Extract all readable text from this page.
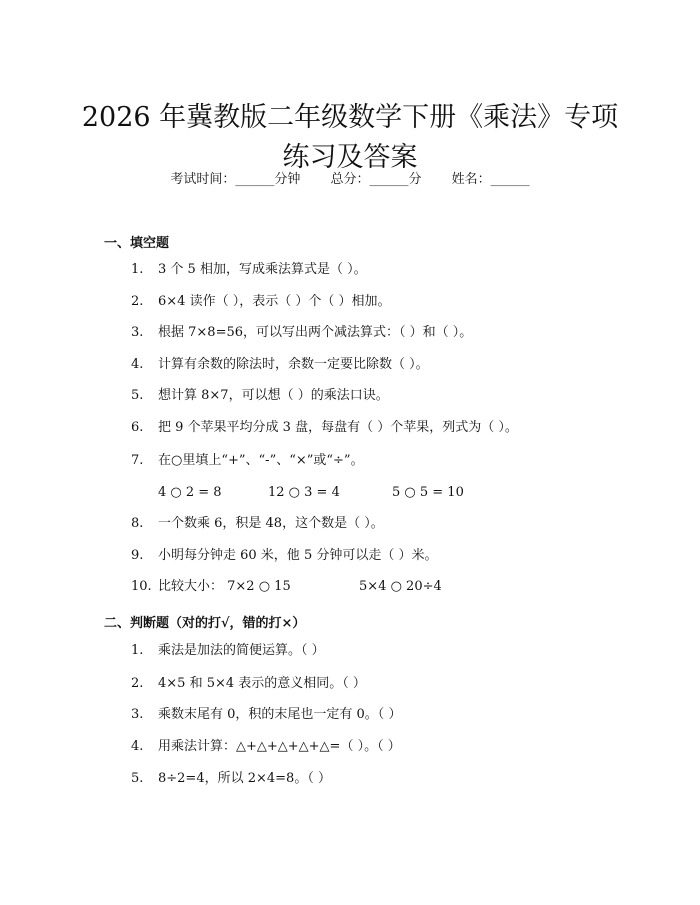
2026 年冀教版二年级数学下册《乘法》专项
练习及答案
考试时间：______分钟 总分：______分 姓名：______
一、填空题
1. 3 个 5 相加，写成乘法算式是（ ）。
2. 6×4 读作（ ），表示（ ）个（ ）相加。
3. 根据 7×8=56，可以写出两个减法算式：（ ）和（ ）。
4. 计算有余数的除法时，余数一定要比除数（ ）。
5. 想计算 8×7，可以想（ ）的乘法口诀。
6. 把 9 个苹果平均分成 3 盘，每盘有（ ）个苹果，列式为（ ）。
7. 在○里填上“+”、“-”、“×”或“÷”。
4 ○ 2 = 8	12 ○ 3 = 4	5 ○ 5 = 10
8. 一个数乘 6，积是 48，这个数是（ ）。
9. 小明每分钟走 60 米，他 5 分钟可以走（ ）米。
10. 比较大小： 7×2 ○ 15	5×4 ○ 20÷4
二、判断题（对的打√，错的打×）
1. 乘法是加法的简便运算。（ ）
2. 4×5 和 5×4 表示的意义相同。（ ）
3. 乘数末尾有 0，积的末尾也一定有 0。（ ）
4. 用乘法计算：△+△+△+△+△=（ ）。（ ）
5. 8÷2=4，所以 2×4=8。（ ）
